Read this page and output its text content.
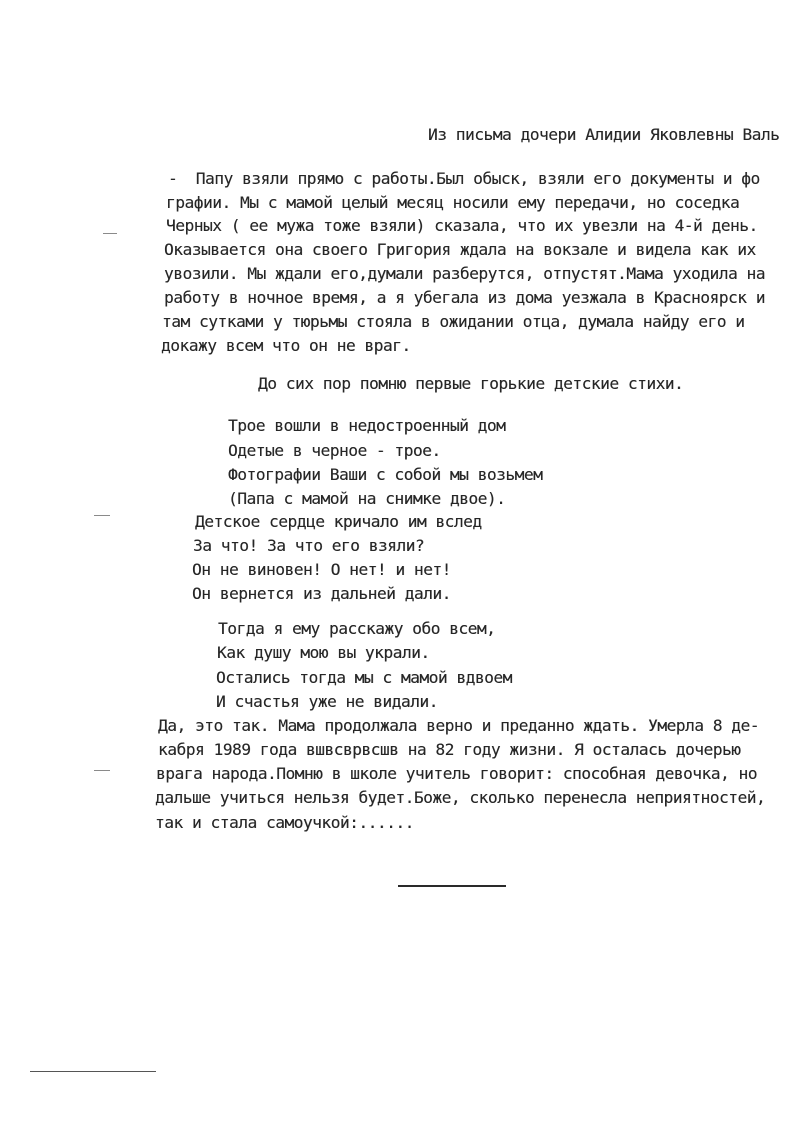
Из письма дочери Алидии Яковлевны Валь
-  Папу взяли прямо с работы.Был обыск, взяли его документы и фо
графии. Мы с мамой целый месяц носили ему передачи, но соседка
Черных ( ее мужа тоже взяли) сказала, что их увезли на 4-й день.
Оказывается она своего Григория ждала на вокзале и видела как их
увозили. Мы ждали его,думали разберутся, отпустят.Мама уходила на
работу в ночное время, а я убегала из дома уезжала в Красноярск и
там сутками у тюрьмы стояла в ожидании отца, думала найду его и
докажу всем что он не враг.
До сих пор помню первые горькие детские стихи.
Трое вошли в недостроенный дом
Одетые в черное - трое.
Фотографии Ваши с собой мы возьмем
(Папа с мамой на снимке двое).
Детское сердце кричало им вслед
За что! За что его взяли?
Он не виновен! О нет! и нет!
Он вернется из дальней дали.
Тогда я ему расскажу обо всем,
Как душу мою вы украли.
Остались тогда мы с мамой вдвоем
И счастья уже не видали.
Да, это так. Мама продолжала верно и преданно ждать. Умерла 8 де-
кабря 1989 года вшвсврвсшв на 82 году жизни. Я осталась дочерью
врага народа.Помню в школе учитель говорит: способная девочка, но
дальше учиться нельзя будет.Боже, сколько перенесла неприятностей,
так и стала самоучкой:......
